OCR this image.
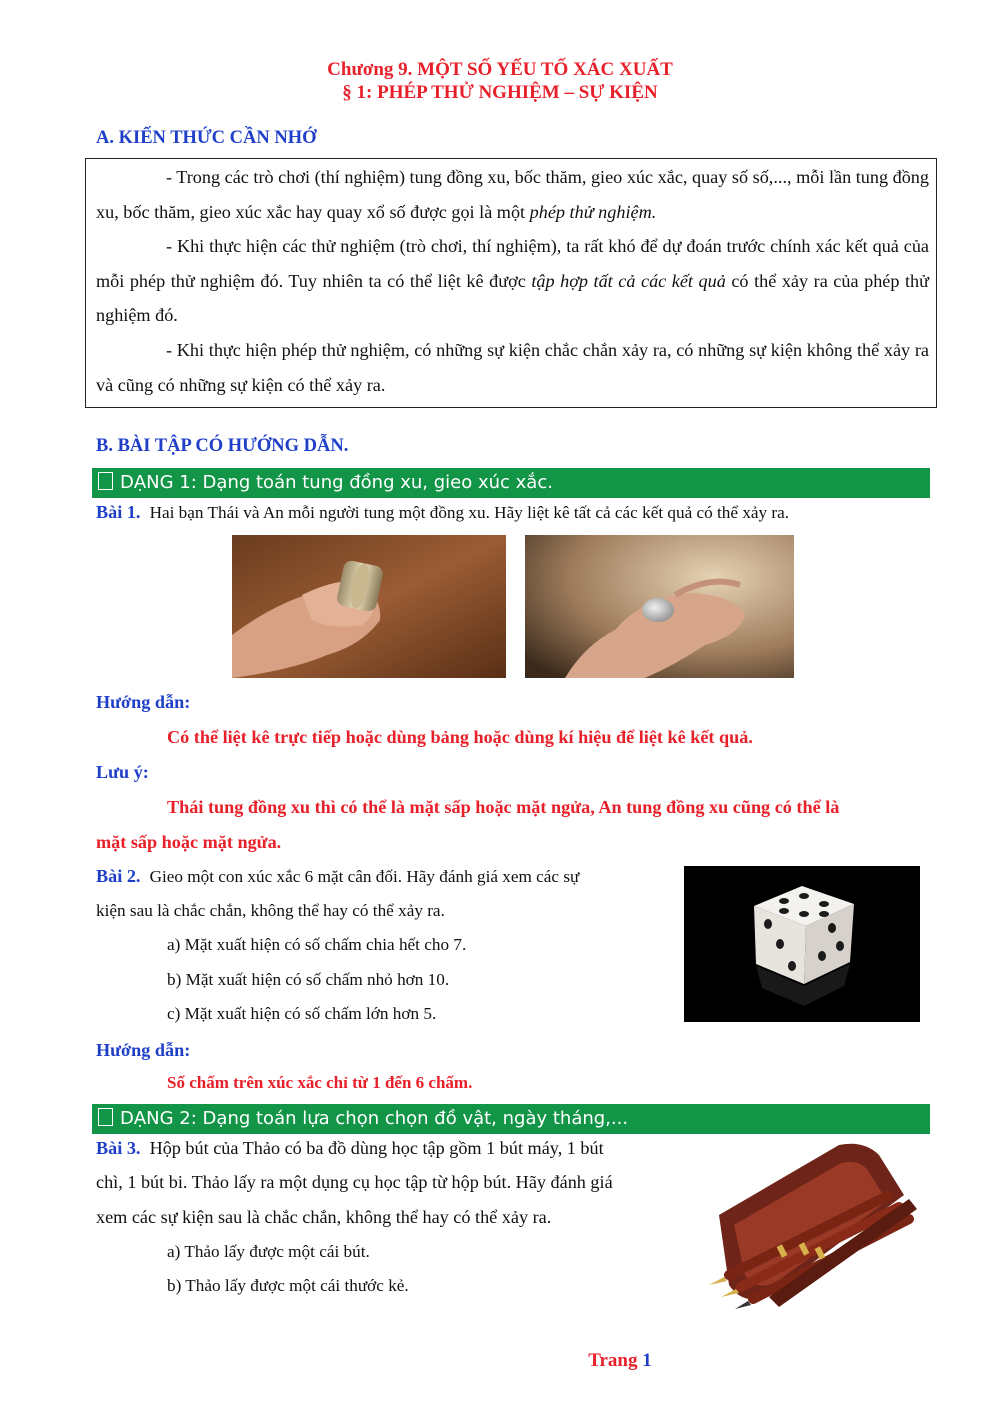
Chương 9. MỘT SỐ YẾU TỐ XÁC XUẤT
§ 1: PHÉP THỬ NGHIỆM – SỰ KIỆN
A. KIẾN THỨC CẦN NHỚ

- Trong các trò chơi (thí nghiệm) tung đồng xu, bốc thăm, gieo xúc xắc, quay số số,..., mỗi lần tung đồng xu, bốc thăm, gieo xúc xắc hay quay xổ số được gọi là một phép thử nghiệm.

- Khi thực hiện các thử nghiệm (trò chơi, thí nghiệm), ta rất khó để dự đoán trước chính xác kết quả của mỗi phép thử nghiệm đó. Tuy nhiên ta có thể liệt kê được tập hợp tất cả các kết quả có thể xảy ra của phép thử nghiệm đó.

- Khi thực hiện phép thử nghiệm, có những sự kiện chắc chắn xảy ra, có những sự kiện không thể xảy ra và cũng có những sự kiện có thể xảy ra.

B. BÀI TẬP CÓ HƯỚNG DẪN.
DẠNG 1: Dạng toán tung đồng xu, gieo xúc xắc.
Bài 1. Hai bạn Thái và An mỗi người tung một đồng xu. Hãy liệt kê tất cả các kết quả có thể xảy ra.
Hướng dẫn:
Có thể liệt kê trực tiếp hoặc dùng bảng hoặc dùng kí hiệu để liệt kê kết quả.
Lưu ý:
Thái tung đồng xu thì có thể là mặt sấp hoặc mặt ngửa, An tung đồng xu cũng có thể là
mặt sấp hoặc mặt ngửa.
Bài 2. Gieo một con xúc xắc 6 mặt cân đối. Hãy đánh giá xem các sự
kiện sau là chắc chắn, không thể hay có thể xảy ra.
a) Mặt xuất hiện có số chấm chia hết cho 7.
b) Mặt xuất hiện có số chấm nhỏ hơn 10.
c) Mặt xuất hiện có số chấm lớn hơn 5.
Hướng dẫn:
Số chấm trên xúc xắc chỉ từ 1 đến 6 chấm.
DẠNG 2: Dạng toán lựa chọn chọn đồ vật, ngày tháng,...
Bài 3. Hộp bút của Thảo có ba đồ dùng học tập gồm 1 bút máy, 1 bút
chì, 1 bút bi. Thảo lấy ra một dụng cụ học tập từ hộp bút. Hãy đánh giá
xem các sự kiện sau là chắc chắn, không thể hay có thể xảy ra.
a) Thảo lấy được một cái bút.
b) Thảo lấy được một cái thước kẻ.
Trang 1
